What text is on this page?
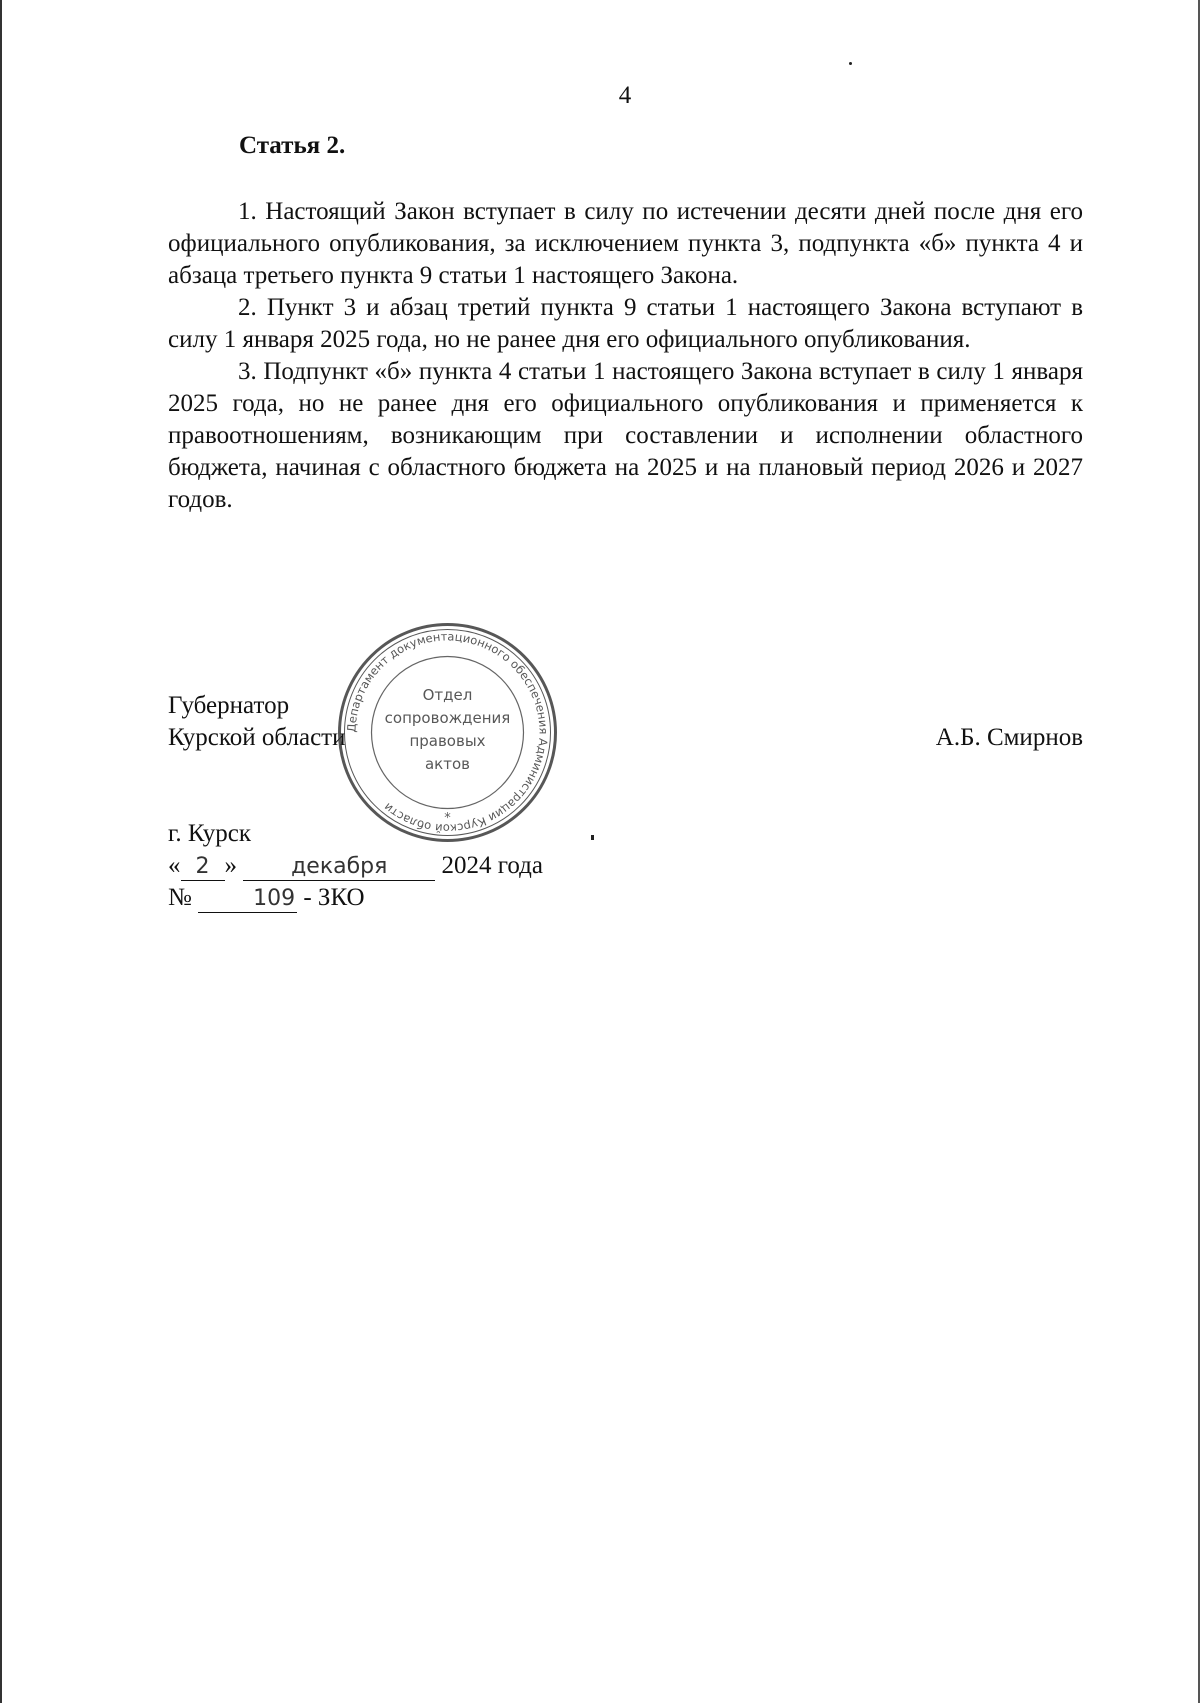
4
Статья 2.

1. Настоящий Закон вступает в силу по истечении десяти дней после дня его официального опубликования, за исключением пункта 3, подпункта «б» пункта 4 и абзаца третьего пункта 9 статьи 1 настоящего Закона.

2. Пункт 3 и абзац третий пункта 9 статьи 1 настоящего Закона вступают в силу 1 января 2025 года, но не ранее дня его официального опубликования.

3. Подпункт «б» пункта 4 статьи 1 настоящего Закона вступает в силу 1 января 2025 года, но не ранее дня его официального опубликования и применяется к правоотношениям, возникающим при составлении и исполнении областного бюджета, начиная с областного бюджета на 2025 и на плановый период 2026 и 2027 годов.

Губернатор
Курской области
Департамент документационного обеспечения Администрации Курской области
*
Отдел
сопровождения
правовых
актов
А.Б. Смирнов
г. Курск
« 2 » декабря 2024 года
№	109 - ЗКО
